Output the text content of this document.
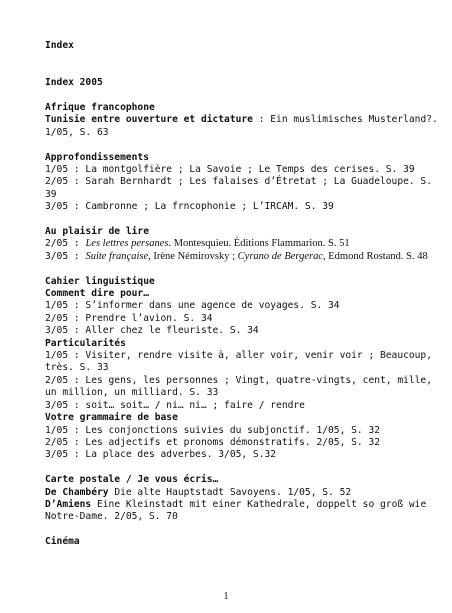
Index
Index 2005
Afrique francophone
Tunisie entre ouverture et dictature : Ein muslimisches Musterland?. 1/05, S. 63
Approfondissements
1/05 : La montgolfière ; La Savoie ; Le Temps des cerises. S. 39
2/05 : Sarah Bernhardt ; Les falaises d’Étretat ; La Guadeloupe. S. 39
3/05 : Cambronne ; La frncophonie ; L’IRCAM. S. 39
Au plaisir de lire
2/05 : Les lettres persanes. Montesquieu. Éditions Flammarion. S. 51
3/05 : Suite française, Irène Némirovsky ; Cyrano de Bergerac, Edmond Rostand. S. 48
Cahier linguistique
Comment dire pour…
1/05 : S’informer dans une agence de voyages. S. 34
2/05 : Prendre l’avion. S. 34
3/05 : Aller chez le fleuriste. S. 34
Particularités
1/05 : Visiter, rendre visite à, aller voir, venir voir ; Beaucoup, très. S. 33
2/05 : Les gens, les personnes ; Vingt, quatre-vingts, cent, mille, un million, un milliard. S. 33
3/05 : soit… soit… / ni… ni… ; faire / rendre
Votre grammaire de base
1/05 : Les conjonctions suivies du subjonctif. 1/05, S. 32
2/05 : Les adjectifs et pronoms démonstratifs. 2/05, S. 32
3/05 : La place des adverbes. 3/05, S.32
Carte postale / Je vous écris…
De Chambéry Die alte Hauptstadt Savoyens. 1/05, S. 52
D’Amiens Eine Kleinstadt mit einer Kathedrale, doppelt so groß wie Notre-Dame. 2/05, S. 70
Cinéma
1
